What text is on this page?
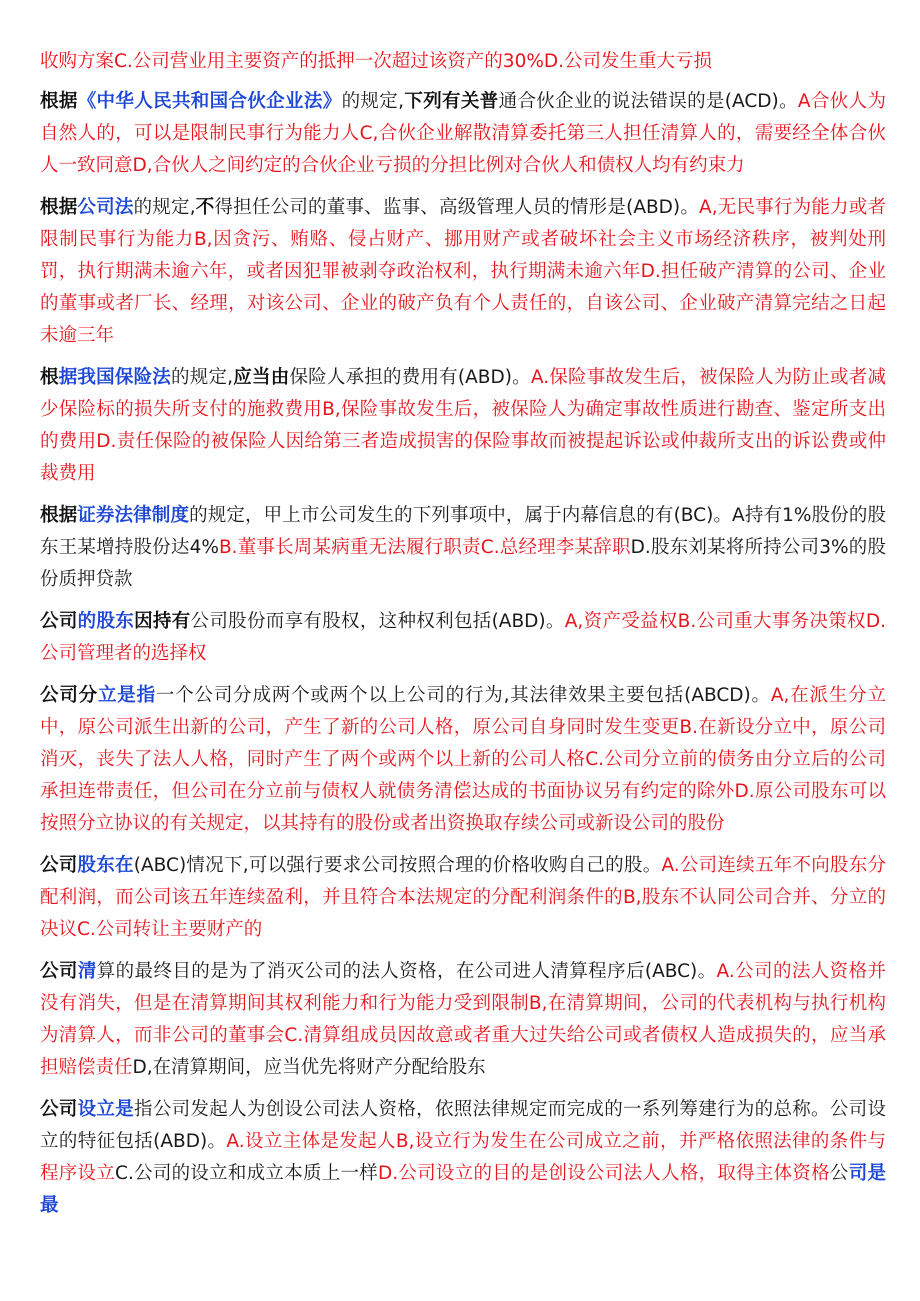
收购方案C.公司营业用主要资产的抵押一次超过该资产的30%D.公司发生重大亏损

根据《中华人民共和国合伙企业法》的规定,下列有关普通合伙企业的说法错误的是(ACD)。A合伙人为自然人的，可以是限制民事行为能力人C,合伙企业解散清算委托第三人担任清算人的，需要经全体合伙人一致同意D,合伙人之间约定的合伙企业亏损的分担比例对合伙人和债权人均有约束力

根据公司法的规定,不得担任公司的董事、监事、高级管理人员的情形是(ABD)。A,无民事行为能力或者限制民事行为能力B,因贪污、贿赂、侵占财产、挪用财产或者破坏社会主义市场经济秩序，被判处刑罚，执行期满未逾六年，或者因犯罪被剥夺政治权利，执行期满未逾六年D.担任破产清算的公司、企业的董事或者厂长、经理，对该公司、企业的破产负有个人责任的，自该公司、企业破产清算完结之日起未逾三年

根据我国保险法的规定,应当由保险人承担的费用有(ABD)。A.保险事故发生后，被保险人为防止或者减少保险标的损失所支付的施救费用B,保险事故发生后，被保险人为确定事故性质进行勘查、鉴定所支出的费用D.责任保险的被保险人因给第三者造成损害的保险事故而被提起诉讼或仲裁所支出的诉讼费或仲裁费用

根据证券法律制度的规定，甲上市公司发生的下列事项中，属于内幕信息的有(BC)。A持有1%股份的股东王某增持股份达4%B.董事长周某病重无法履行职责C.总经理李某辞职D.股东刘某将所持公司3%的股份质押贷款

公司的股东因持有公司股份而享有股权，这种权利包括(ABD)。A,资产受益权B.公司重大事务决策权D.公司管理者的选择权

公司分立是指一个公司分成两个或两个以上公司的行为,其法律效果主要包括(ABCD)。A,在派生分立中，原公司派生出新的公司，产生了新的公司人格，原公司自身同时发生变更B.在新设分立中，原公司消灭，丧失了法人人格，同时产生了两个或两个以上新的公司人格C.公司分立前的债务由分立后的公司承担连带责任，但公司在分立前与债权人就债务清偿达成的书面协议另有约定的除外D.原公司股东可以按照分立协议的有关规定，以其持有的股份或者出资换取存续公司或新设公司的股份

公司股东在(ABC)情况下,可以强行要求公司按照合理的价格收购自己的股。A.公司连续五年不向股东分配利润，而公司该五年连续盈利，并且符合本法规定的分配利润条件的B,股东不认同公司合并、分立的决议C.公司转让主要财产的

公司清算的最终目的是为了消灭公司的法人资格，在公司进人清算程序后(ABC)。A.公司的法人资格并没有消失，但是在清算期间其权利能力和行为能力受到限制B,在清算期间，公司的代表机构与执行机构为清算人，而非公司的董事会C.清算组成员因故意或者重大过失给公司或者债权人造成损失的，应当承担赔偿责任D,在清算期间，应当优先将财产分配给股东

公司设立是指公司发起人为创设公司法人资格，依照法律规定而完成的一系列筹建行为的总称。公司设立的特征包括(ABD)。A.设立主体是发起人B,设立行为发生在公司成立之前，并严格依照法律的条件与程序设立C.公司的设立和成立本质上一样D.公司设立的目的是创设公司法人人格，取得主体资格公司是最
